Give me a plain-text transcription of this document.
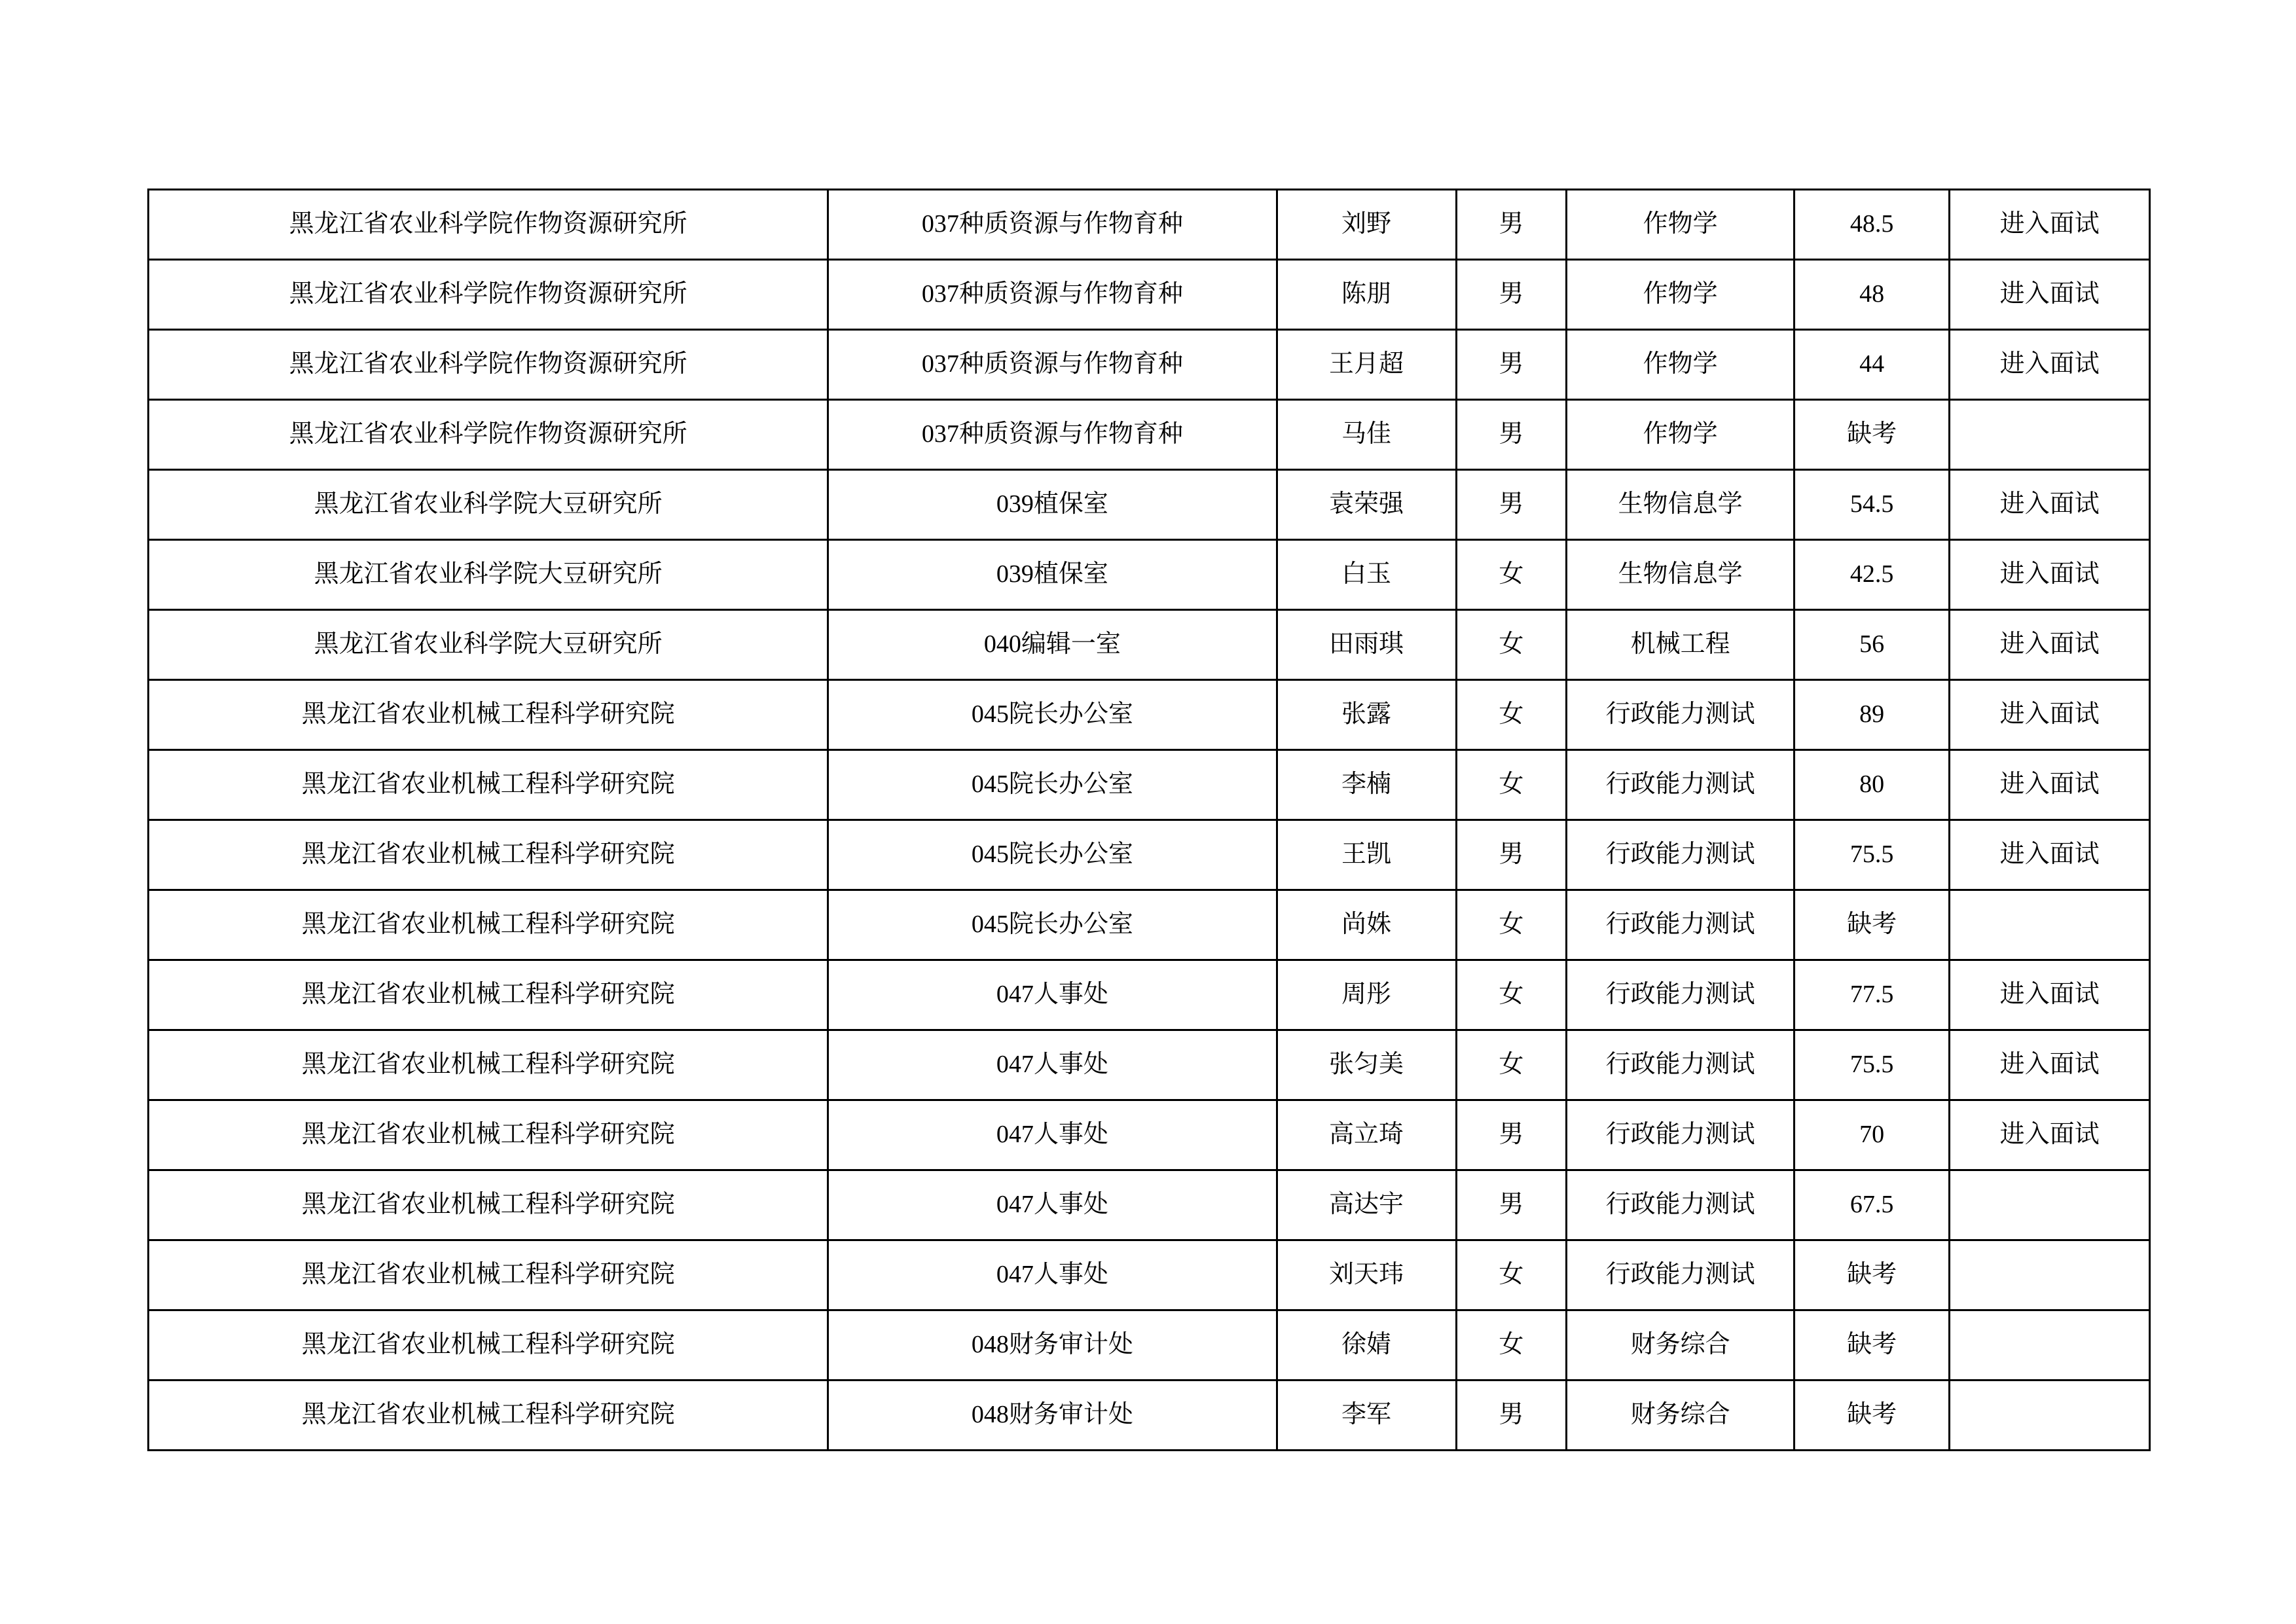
黑龙江省农业科学院作物资源研究所	037种质资源与作物育种	刘野	男	作物学	48.5	进入面试
黑龙江省农业科学院作物资源研究所	037种质资源与作物育种	陈朋	男	作物学	48	进入面试
黑龙江省农业科学院作物资源研究所	037种质资源与作物育种	王月超	男	作物学	44	进入面试
黑龙江省农业科学院作物资源研究所	037种质资源与作物育种	马佳	男	作物学	缺考	
黑龙江省农业科学院大豆研究所	039植保室	袁荣强	男	生物信息学	54.5	进入面试
黑龙江省农业科学院大豆研究所	039植保室	白玉	女	生物信息学	42.5	进入面试
黑龙江省农业科学院大豆研究所	040编辑一室	田雨琪	女	机械工程	56	进入面试
黑龙江省农业机械工程科学研究院	045院长办公室	张露	女	行政能力测试	89	进入面试
黑龙江省农业机械工程科学研究院	045院长办公室	李楠	女	行政能力测试	80	进入面试
黑龙江省农业机械工程科学研究院	045院长办公室	王凯	男	行政能力测试	75.5	进入面试
黑龙江省农业机械工程科学研究院	045院长办公室	尚姝	女	行政能力测试	缺考	
黑龙江省农业机械工程科学研究院	047人事处	周彤	女	行政能力测试	77.5	进入面试
黑龙江省农业机械工程科学研究院	047人事处	张匀美	女	行政能力测试	75.5	进入面试
黑龙江省农业机械工程科学研究院	047人事处	高立琦	男	行政能力测试	70	进入面试
黑龙江省农业机械工程科学研究院	047人事处	高达宇	男	行政能力测试	67.5	
黑龙江省农业机械工程科学研究院	047人事处	刘天玮	女	行政能力测试	缺考	
黑龙江省农业机械工程科学研究院	048财务审计处	徐婧	女	财务综合	缺考	
黑龙江省农业机械工程科学研究院	048财务审计处	李军	男	财务综合	缺考	
